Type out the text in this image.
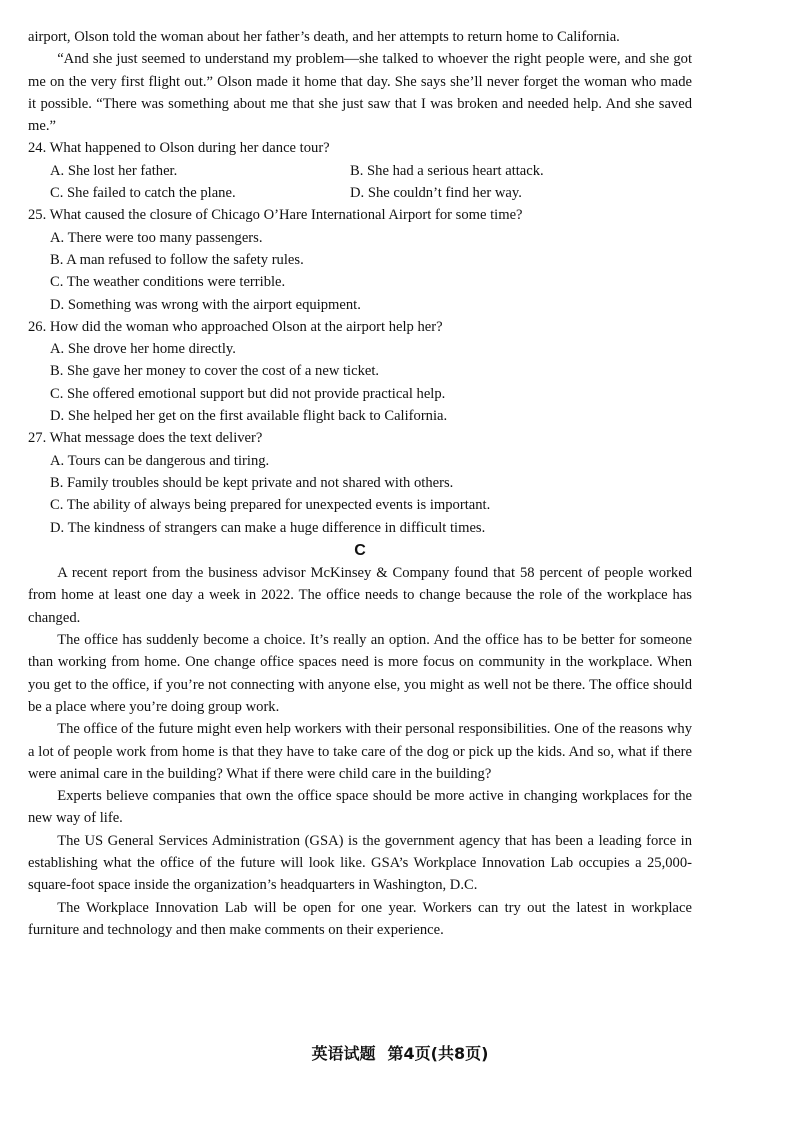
airport, Olson told the woman about her father’s death, and her attempts to return home to California.

“And she just seemed to understand my problem—she talked to whoever the right people were, and she got me on the very first flight out.” Olson made it home that day. She says she’ll never forget the woman who made it possible. “There was something about me that she just saw that I was broken and needed help. And she saved me.”

24. What happened to Olson during her dance tour?

A. She lost her father.	B. She had a serious heart attack.
C. She failed to catch the plane.	D. She couldn’t find her way.

25. What caused the closure of Chicago O’Hare International Airport for some time?

A. There were too many passengers.

B. A man refused to follow the safety rules.

C. The weather conditions were terrible.

D. Something was wrong with the airport equipment.

26. How did the woman who approached Olson at the airport help her?

A. She drove her home directly.

B. She gave her money to cover the cost of a new ticket.

C. She offered emotional support but did not provide practical help.

D. She helped her get on the first available flight back to California.

27. What message does the text deliver?

A. Tours can be dangerous and tiring.

B. Family troubles should be kept private and not shared with others.

C. The ability of always being prepared for unexpected events is important.

D. The kindness of strangers can make a huge difference in difficult times.

C

A recent report from the business advisor McKinsey & Company found that 58 percent of people worked from home at least one day a week in 2022. The office needs to change because the role of the workplace has changed.

The office has suddenly become a choice. It’s really an option. And the office has to be better for someone than working from home. One change office spaces need is more focus on community in the workplace. When you get to the office, if you’re not connecting with anyone else, you might as well not be there. The office should be a place where you’re doing group work.

The office of the future might even help workers with their personal responsibilities. One of the reasons why a lot of people work from home is that they have to take care of the dog or pick up the kids. And so, what if there were animal care in the building? What if there were child care in the building?

Experts believe companies that own the office space should be more active in changing workplaces for the new way of life.

The US General Services Administration (GSA) is the government agency that has been a leading force in establishing what the office of the future will look like. GSA’s Workplace Innovation Lab occupies a 25,000-square-foot space inside the organization’s headquarters in Washington, D.C.

The Workplace Innovation Lab will be open for one year. Workers can try out the latest in workplace furniture and technology and then make comments on their experience.

英语试题 第4页(共8页)
